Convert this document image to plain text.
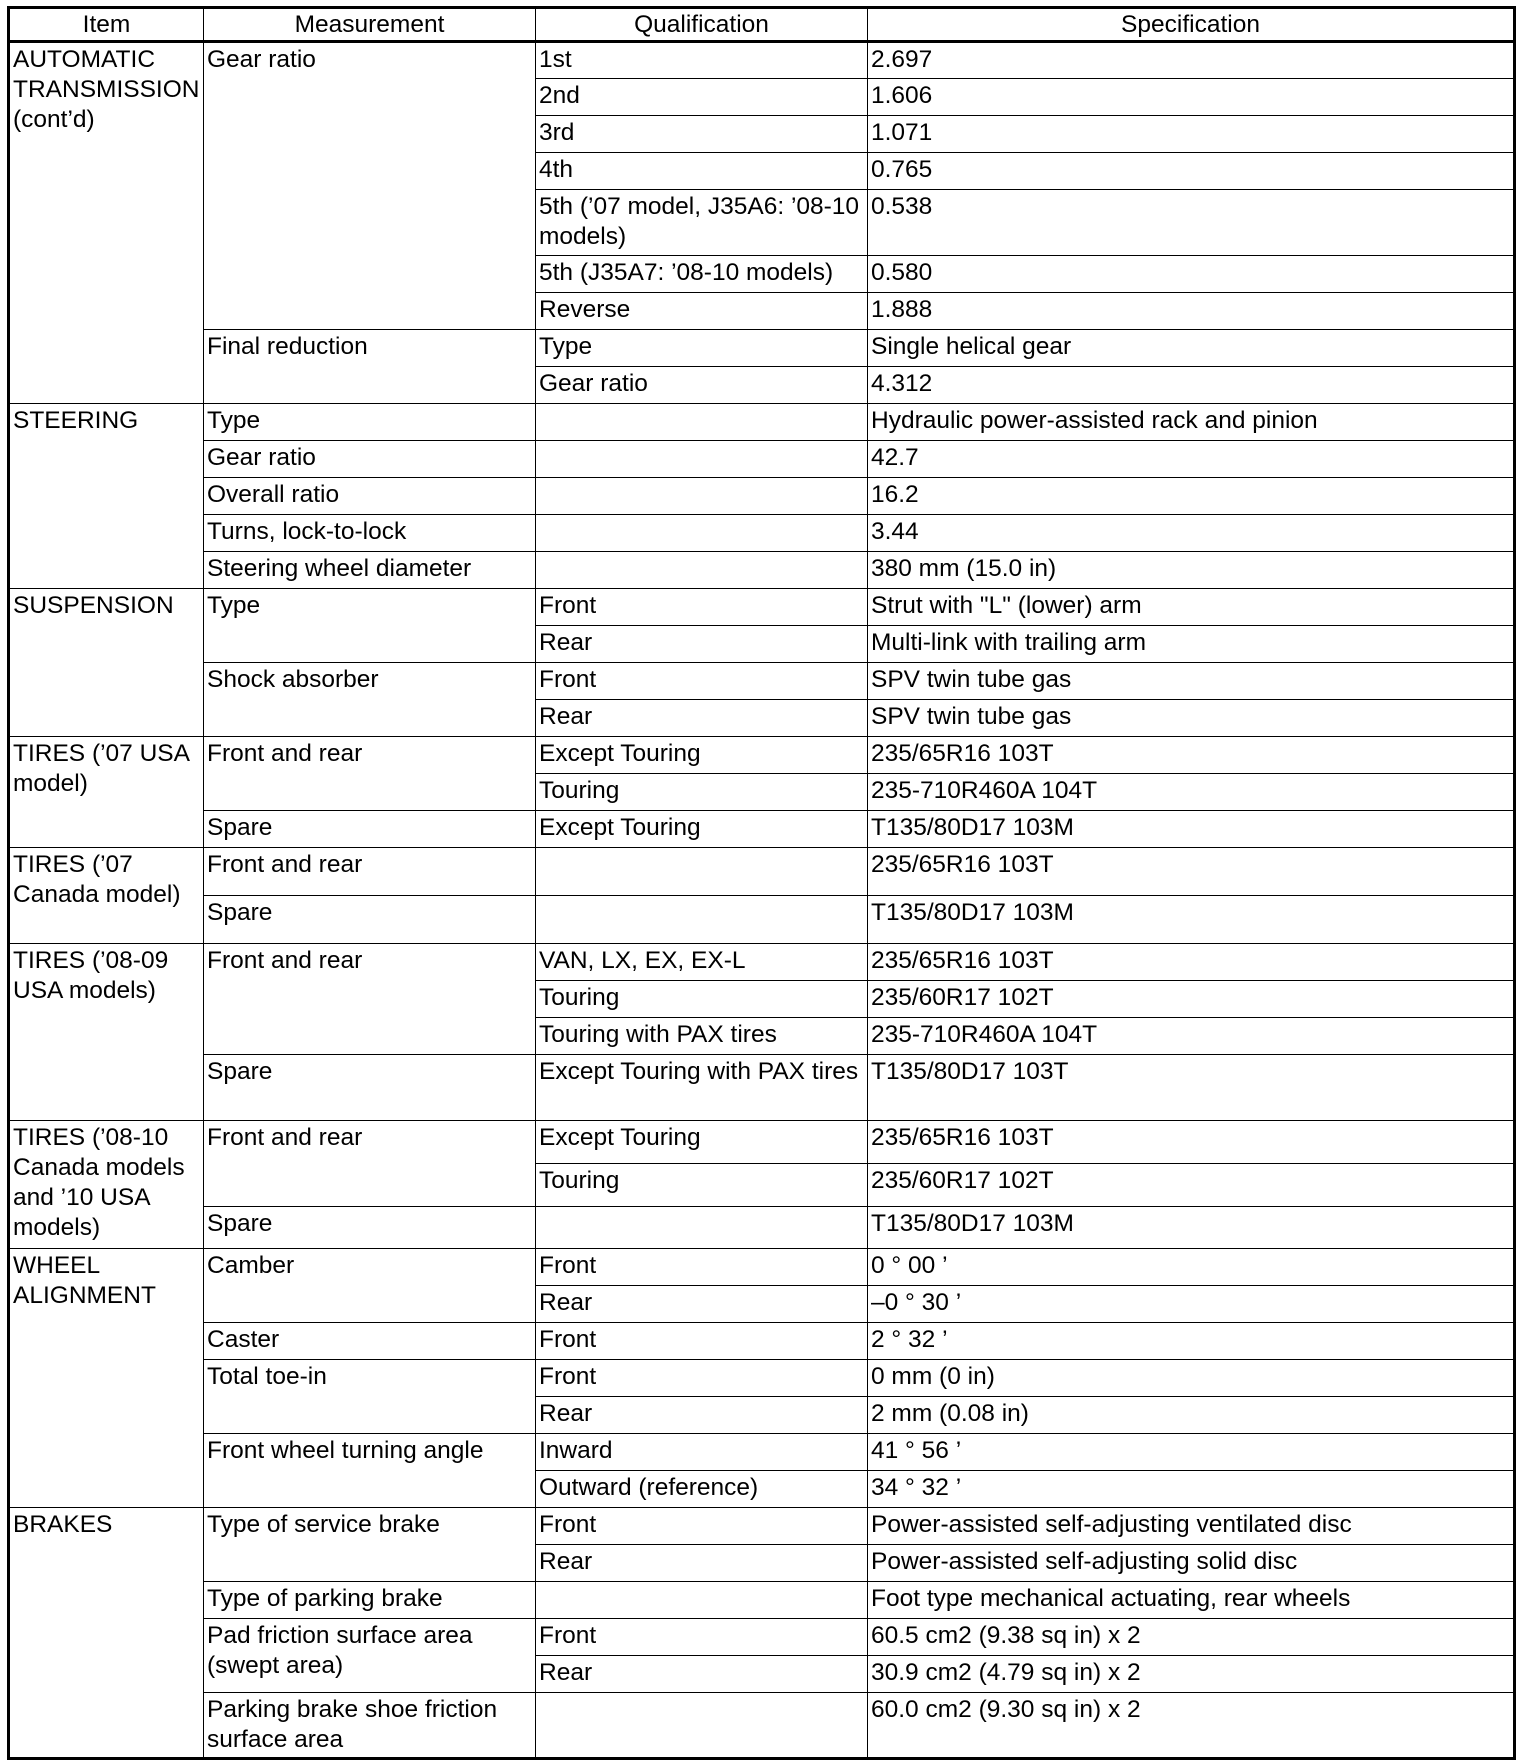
Item	Measurement	Qualification	Specification
AUTOMATIC TRANSMISSION (cont’d)	Gear ratio	1st	2.697
		2nd	1.606
		3rd	1.071
		4th	0.765
		5th (’07 model, J35A6: ’08-10 models)	0.538
		5th (J35A7: ’08-10 models)	0.580
		Reverse	1.888
	Final reduction	Type	Single helical gear
		Gear ratio	4.312
STEERING	Type		Hydraulic power-assisted rack and pinion
	Gear ratio		42.7
	Overall ratio		16.2
	Turns, lock-to-lock		3.44
	Steering wheel diameter		380 mm (15.0 in)
SUSPENSION	Type	Front	Strut with "L" (lower) arm
		Rear	Multi-link with trailing arm
	Shock absorber	Front	SPV twin tube gas
		Rear	SPV twin tube gas
TIRES (’07 USA model)	Front and rear	Except Touring	235/65R16 103T
		Touring	235-710R460A 104T
	Spare	Except Touring	T135/80D17 103M
TIRES (’07 Canada model)	Front and rear		235/65R16 103T
	Spare		T135/80D17 103M
TIRES (’08-09 USA models)	Front and rear	VAN, LX, EX, EX-L	235/65R16 103T
		Touring	235/60R17 102T
		Touring with PAX tires	235-710R460A 104T
	Spare	Except Touring with PAX tires	T135/80D17 103T
TIRES (’08-10 Canada models and ’10 USA models)	Front and rear	Except Touring	235/65R16 103T
		Touring	235/60R17 102T
	Spare		T135/80D17 103M
WHEEL ALIGNMENT	Camber	Front	0 ° 00 ’
		Rear	–0 ° 30 ’
	Caster	Front	2 ° 32 ’
	Total toe-in	Front	0 mm (0 in)
		Rear	2 mm (0.08 in)
	Front wheel turning angle	Inward	41 ° 56 ’
		Outward (reference)	34 ° 32 ’
BRAKES	Type of service brake	Front	Power-assisted self-adjusting ventilated disc
		Rear	Power-assisted self-adjusting solid disc
	Type of parking brake		Foot type mechanical actuating, rear wheels
	Pad friction surface area (swept area)	Front	60.5 cm2 (9.38 sq in) x 2
		Rear	30.9 cm2 (4.79 sq in) x 2
	Parking brake shoe friction surface area		60.0 cm2 (9.30 sq in) x 2
